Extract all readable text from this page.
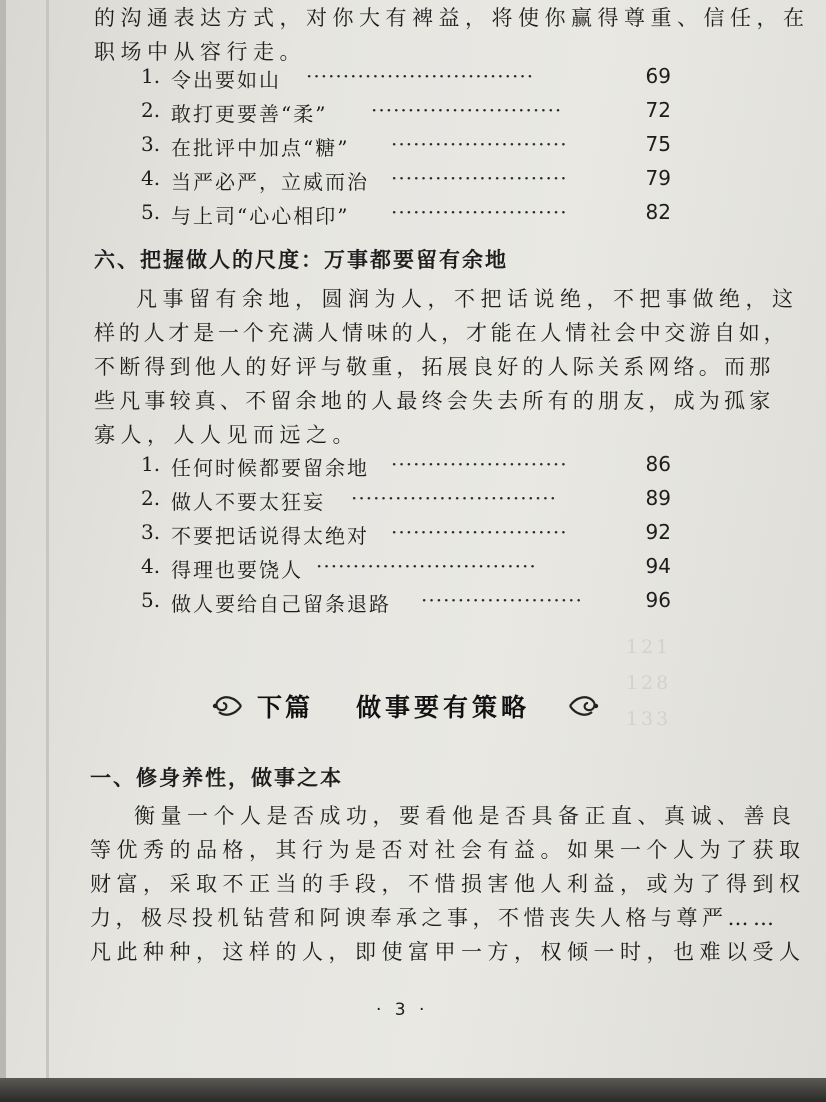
的沟通表达方式，对你大有裨益，将使你赢得尊重、信任，在
职场中从容行走。
1. 令出要如山 ·······························	69
2. 敢打更要善“柔” ··························	72
3. 在批评中加点“糖” ························	75
4. 当严必严，立威而治 ························	79
5. 与上司“心心相印” ························	82
六、把握做人的尺度：万事都要留有余地
凡事留有余地，圆润为人，不把话说绝，不把事做绝，这
样的人才是一个充满人情味的人，才能在人情社会中交游自如，
不断得到他人的好评与敬重，拓展良好的人际关系网络。而那
些凡事较真、不留余地的人最终会失去所有的朋友，成为孤家
寡人，人人见而远之。
1. 任何时候都要留余地 ························	86
2. 做人不要太狂妄 ····························	89
3. 不要把话说得太绝对 ························	92
4. 得理也要饶人 ······························	94
5. 做人要给自己留条退路 ······················	96
121
128
133
下篇 做事要有策略
一、修身养性，做事之本
衡量一个人是否成功，要看他是否具备正直、真诚、善良
等优秀的品格，其行为是否对社会有益。如果一个人为了获取
财富，采取不正当的手段，不惜损害他人利益，或为了得到权
力，极尽投机钻营和阿谀奉承之事，不惜丧失人格与尊严……
凡此种种，这样的人，即使富甲一方，权倾一时，也难以受人
· 3 ·
